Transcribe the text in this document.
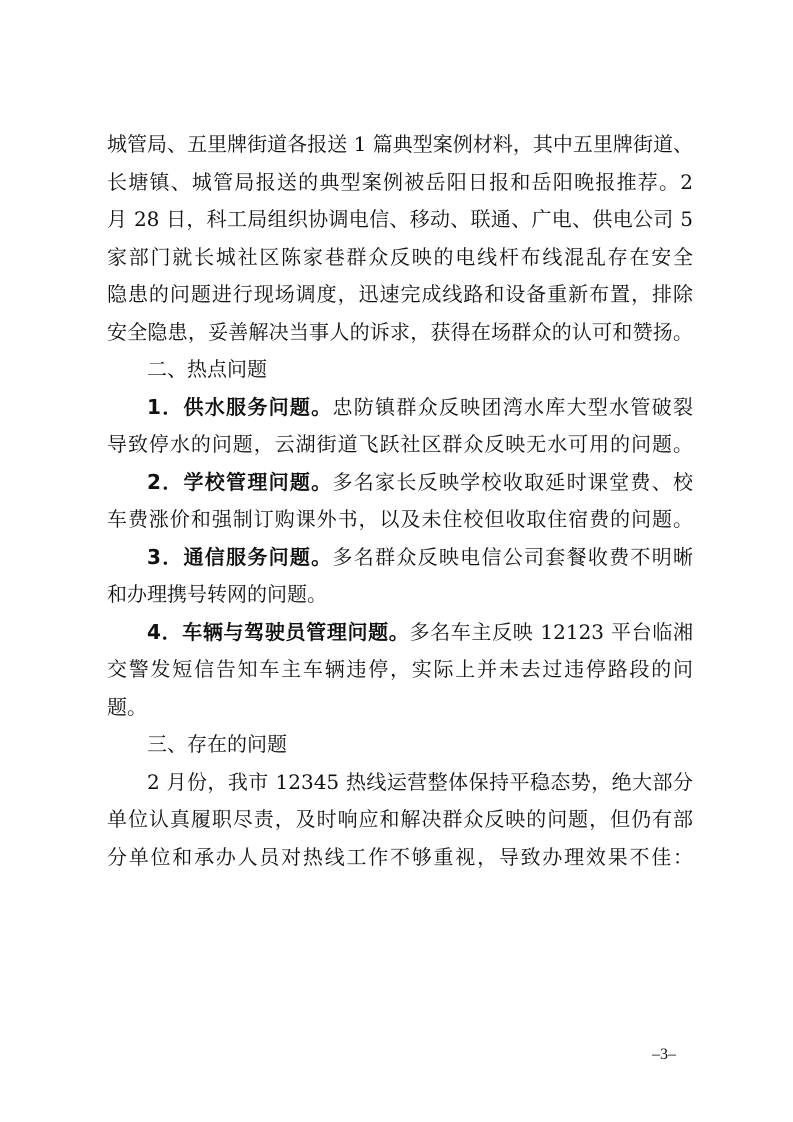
城管局、五里牌街道各报送 1 篇典型案例材料，其中五里牌街道、
长塘镇、城管局报送的典型案例被岳阳日报和岳阳晚报推荐。2
月 28 日，科工局组织协调电信、移动、联通、广电、供电公司 5
家部门就长城社区陈家巷群众反映的电线杆布线混乱存在安全
隐患的问题进行现场调度，迅速完成线路和设备重新布置，排除
安全隐患，妥善解决当事人的诉求，获得在场群众的认可和赞扬。
二、热点问题
1．供水服务问题。忠防镇群众反映团湾水库大型水管破裂
导致停水的问题，云湖街道飞跃社区群众反映无水可用的问题。
2．学校管理问题。多名家长反映学校收取延时课堂费、校
车费涨价和强制订购课外书，以及未住校但收取住宿费的问题。
3．通信服务问题。多名群众反映电信公司套餐收费不明晰
和办理携号转网的问题。
4．车辆与驾驶员管理问题。多名车主反映 12123 平台临湘
交警发短信告知车主车辆违停，实际上并未去过违停路段的问
题。
三、存在的问题
2 月份，我市 12345 热线运营整体保持平稳态势，绝大部分
单位认真履职尽责，及时响应和解决群众反映的问题，但仍有部
分单位和承办人员对热线工作不够重视，导致办理效果不佳：
–3–
